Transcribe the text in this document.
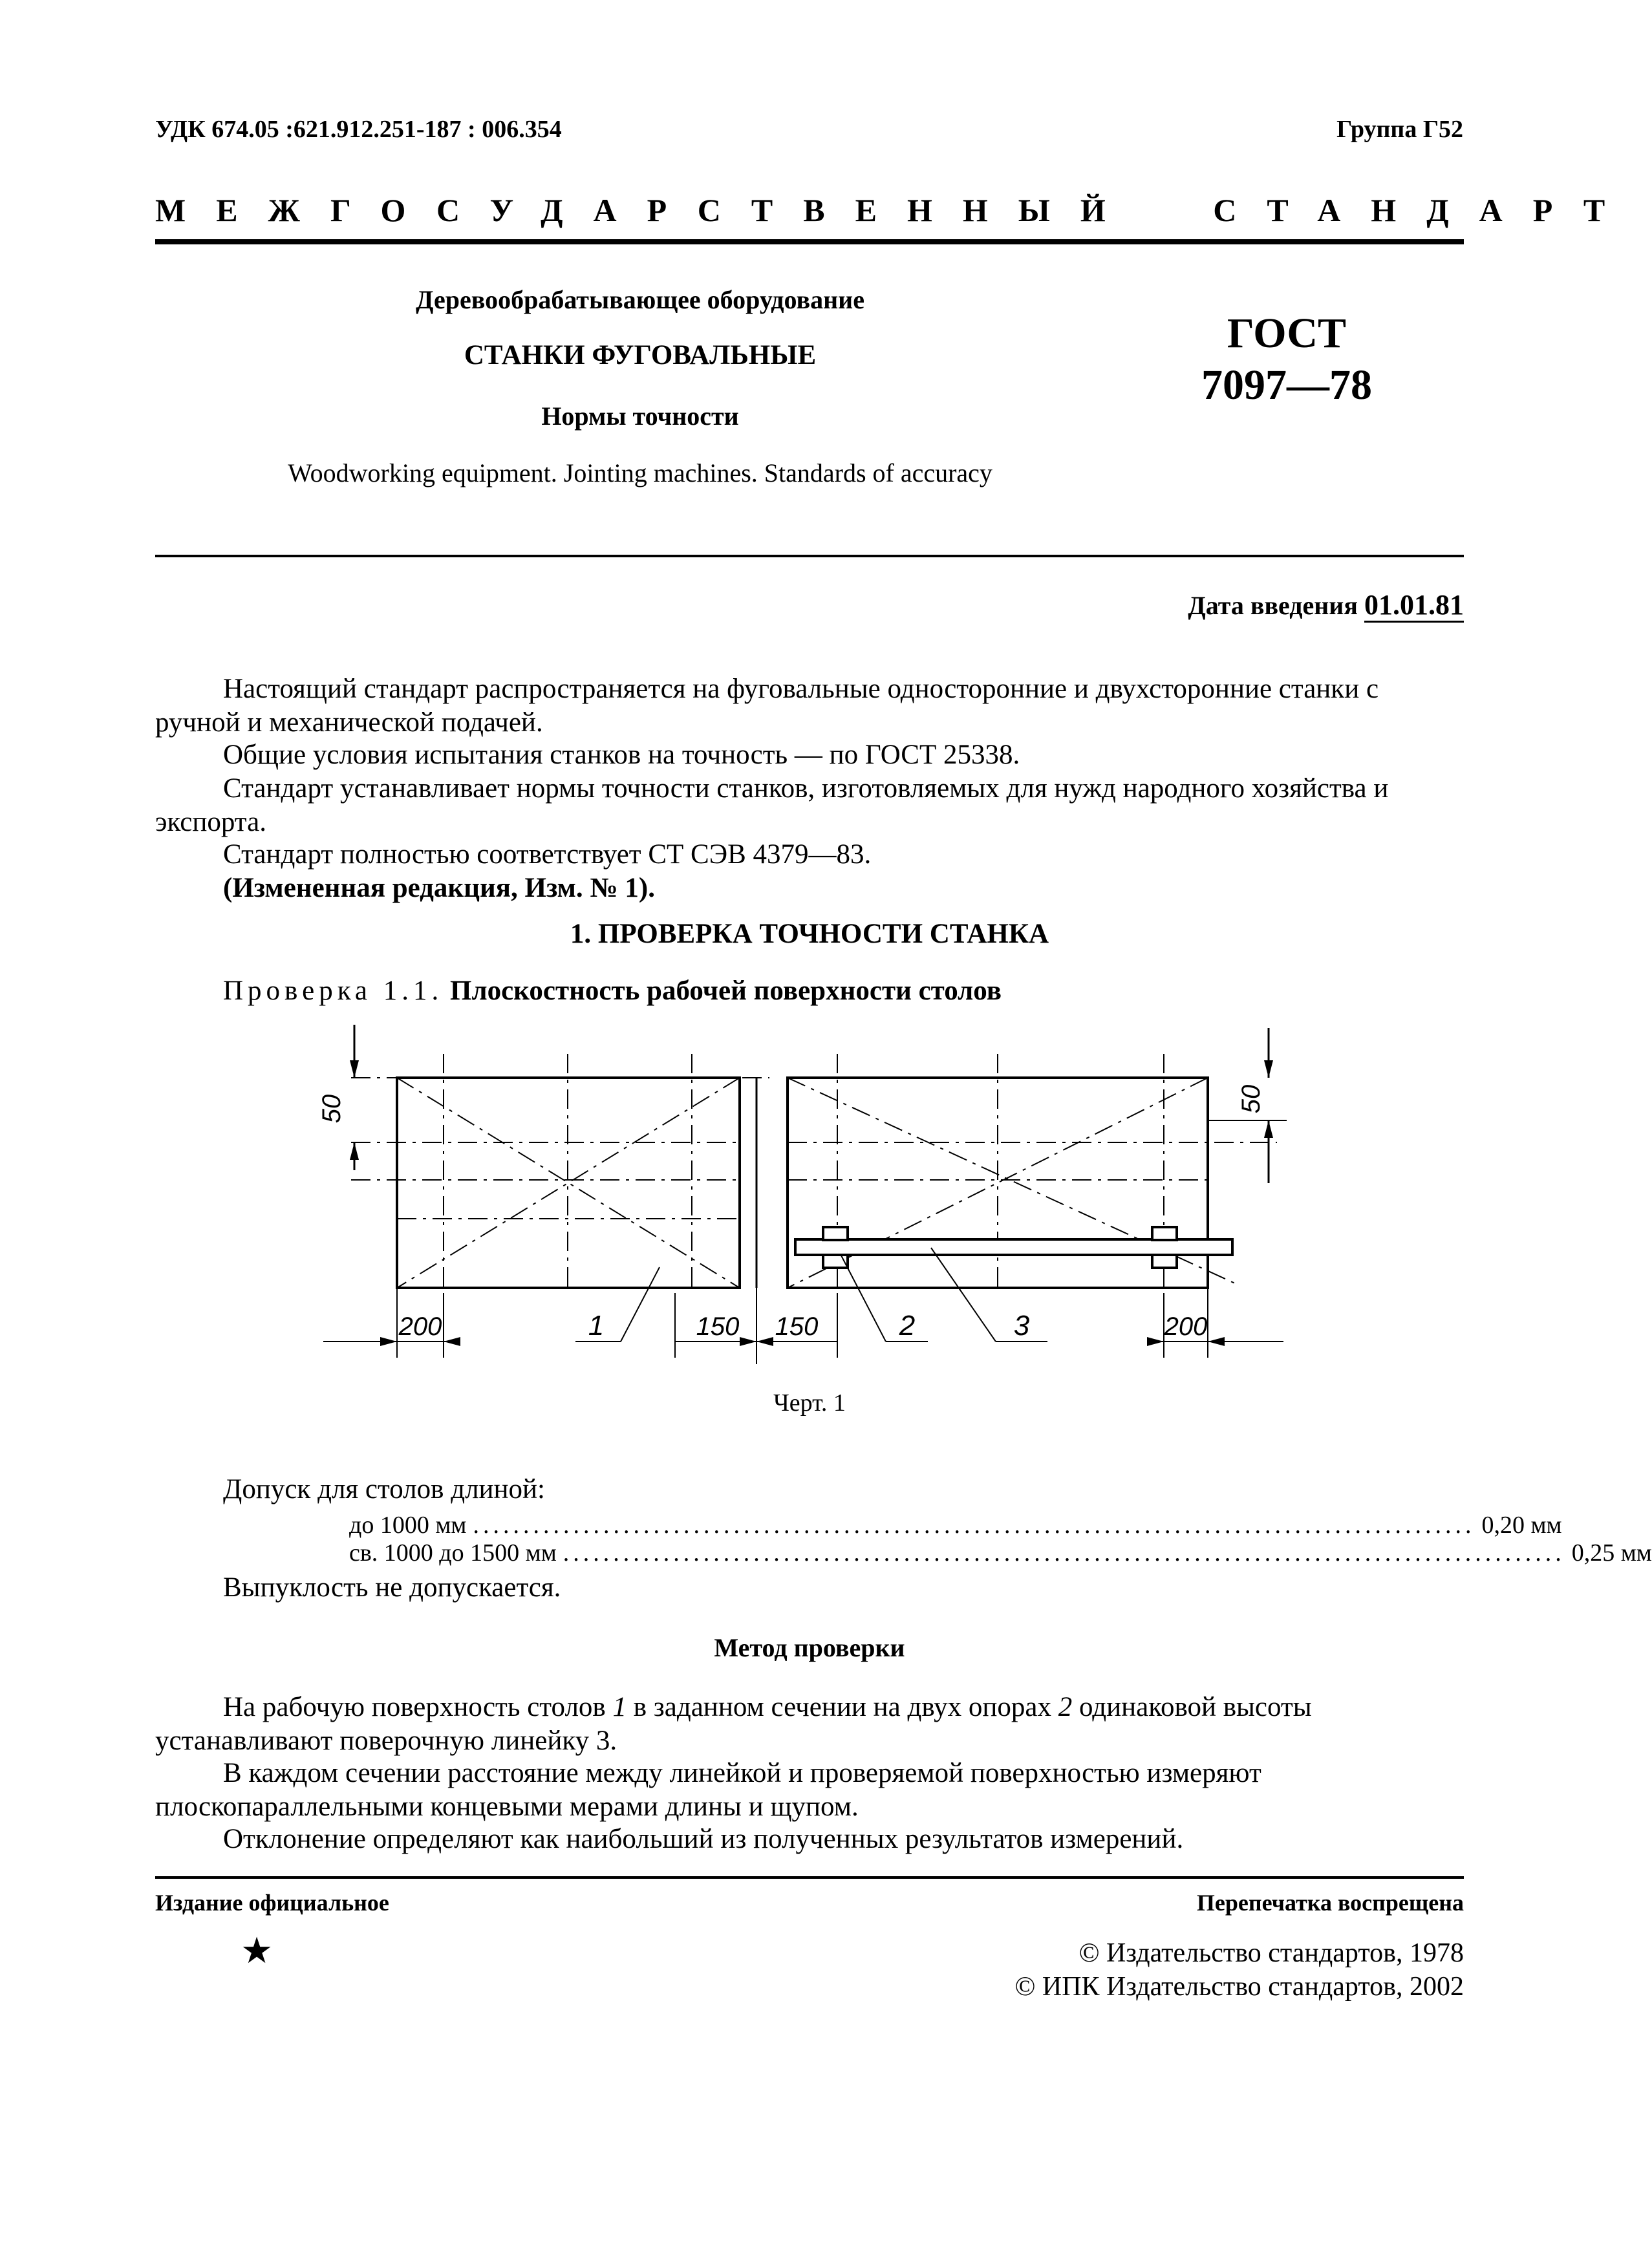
УДК 674.05 :621.912.251-187 : 006.354	Группа Г52
МЕЖГОСУДАРСТВЕННЫЙ СТАНДАРТ
Деревообрабатывающее оборудование
СТАНКИ ФУГОВАЛЬНЫЕ
Нормы точности
Woodworking equipment. Jointing machines. Standards of accuracy
ГОСТ
7097—78
Дата введения 01.01.81
Настоящий стандарт распространяется на фуговальные односторонние и двухсторонние станки с ручной и механической подачей.
Общие условия испытания станков на точность — по ГОСТ 25338.
Стандарт устанавливает нормы точности станков, изготовляемых для нужд народного хозяйства и экспорта.
Стандарт полностью соответствует СТ СЭВ 4379—83.
(Измененная редакция, Изм. № 1).
1. ПРОВЕРКА ТОЧНОСТИ СТАНКА
Проверка 1.1. Плоскостность рабочей поверхности столов
50	50
200	150 150	200
1	2	3
Черт. 1
Допуск для столов длиной:
до 1000 мм .................................................................................................... 0,20 мм
св. 1000 до 1500 мм .................................................................................................... 0,25 мм
Выпуклость не допускается.
Метод проверки
На рабочую поверхность столов 1 в заданном сечении на двух опорах 2 одинаковой высоты устанавливают поверочную линейку 3.
В каждом сечении расстояние между линейкой и проверяемой поверхностью измеряют плоскопараллельными концевыми мерами длины и щупом.
Отклонение определяют как наибольший из полученных результатов измерений.
Издание официальное	Перепечатка воспрещена
★	© Издательство стандартов, 1978
© ИПК Издательство стандартов, 2002
